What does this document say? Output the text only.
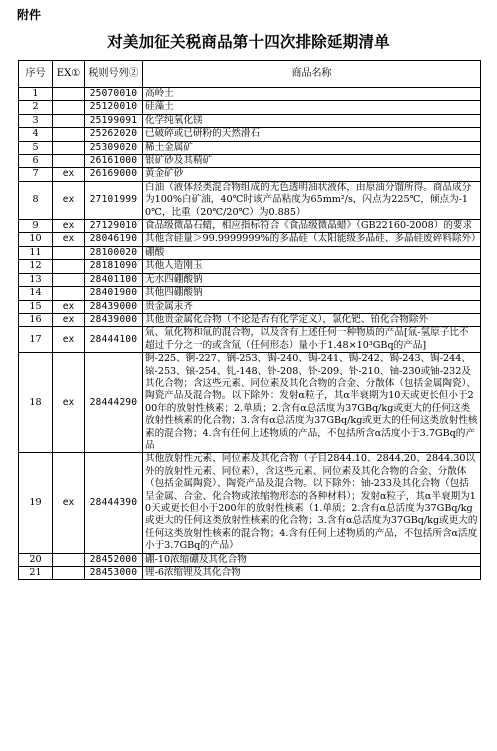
附件
对美加征关税商品第十四次排除延期清单
序号	EX①	税则号列②	商品名称
1		25070010	高岭土
2		25120010	硅藻土
3		25199091	化学纯氧化镁
4		25262020	已破碎或已研粉的天然滑石
5		25309020	稀土金属矿
6		26161000	银矿砂及其精矿
7	ex	26169000	黄金矿砂
8	ex	27101999	白油（液体烃类混合物组成的无色透明油状液体，由原油分馏所得。商品成分为100%白矿油，40℃时该产品粘度为65mm²/s，闪点为225℃，倾点为-10℃，比重（20℃/20℃）为0.885）
9	ex	27129010	食品级微晶石蜡，相应指标符合《食品级微晶蜡》（GB22160-2008）的要求
10	ex	28046190	其他含硅量＞99.9999999%的多晶硅（太阳能级多晶硅、多晶硅废碎料除外）
11		28100020	硼酸
12		28181090	其他人造刚玉
13		28401100	无水四硼酸钠
14		28401900	其他四硼酸钠
15	ex	28439000	贵金属汞齐
16	ex	28439000	其他贵金属化合物（不论是否有化学定义），氯化钯、铂化合物除外
17	ex	28444100	氚、氚化物和氚的混合物，以及含有上述任何一种物质的产品[氚-氢原子比不超过千分之一的或含氚（任何形态）量小于1.48×10³GBq的产品]
18	ex	28444290	锕-225、锕-227、锎-253、锔-240、锔-241、锔-242、锔-243、锔-244、锿-253、锿-254、钆-148、钋-208、钋-209、钋-210、铀-230或铀-232及其化合物；含这些元素、同位素及其化合物的合金、分散体（包括金属陶瓷）、陶瓷产品及混合物。以下除外：发射α粒子，其α半衰期为10天或更长但小于200年的放射性核素；2.单质；2.含有α总活度为37GBq/kg或更大的任何这类放射性核素的化合物；3.含有α总活度为37GBq/kg或更大的任何这类放射性核素的混合物；4.含有任何上述物质的产品，不包括所含α活度小于3.7GBq的产品
19	ex	28444390	其他放射性元素、同位素及其化合物（子目2844.10、2844.20、2844.30以外的放射性元素、同位素），含这些元素、同位素及其化合物的合金、分散体（包括金属陶瓷）、陶瓷产品及混合物。以下除外：铀-233及其化合物（包括呈金属、合金、化合物或浓缩物形态的各种材料）；发射α粒子，其α半衰期为10天或更长但小于200年的放射性核素（1.单质；2.含有α总活度为37GBq/kg或更大的任何这类放射性核素的化合物；3.含有α总活度为37GBq/kg或更大的任何这类放射性核素的混合物；4.含有任何上述物质的产品，不包括所含α活度小于3.7GBq的产品）
20		28452000	硼-10浓缩硼及其化合物
21		28453000	锂-6浓缩锂及其化合物
